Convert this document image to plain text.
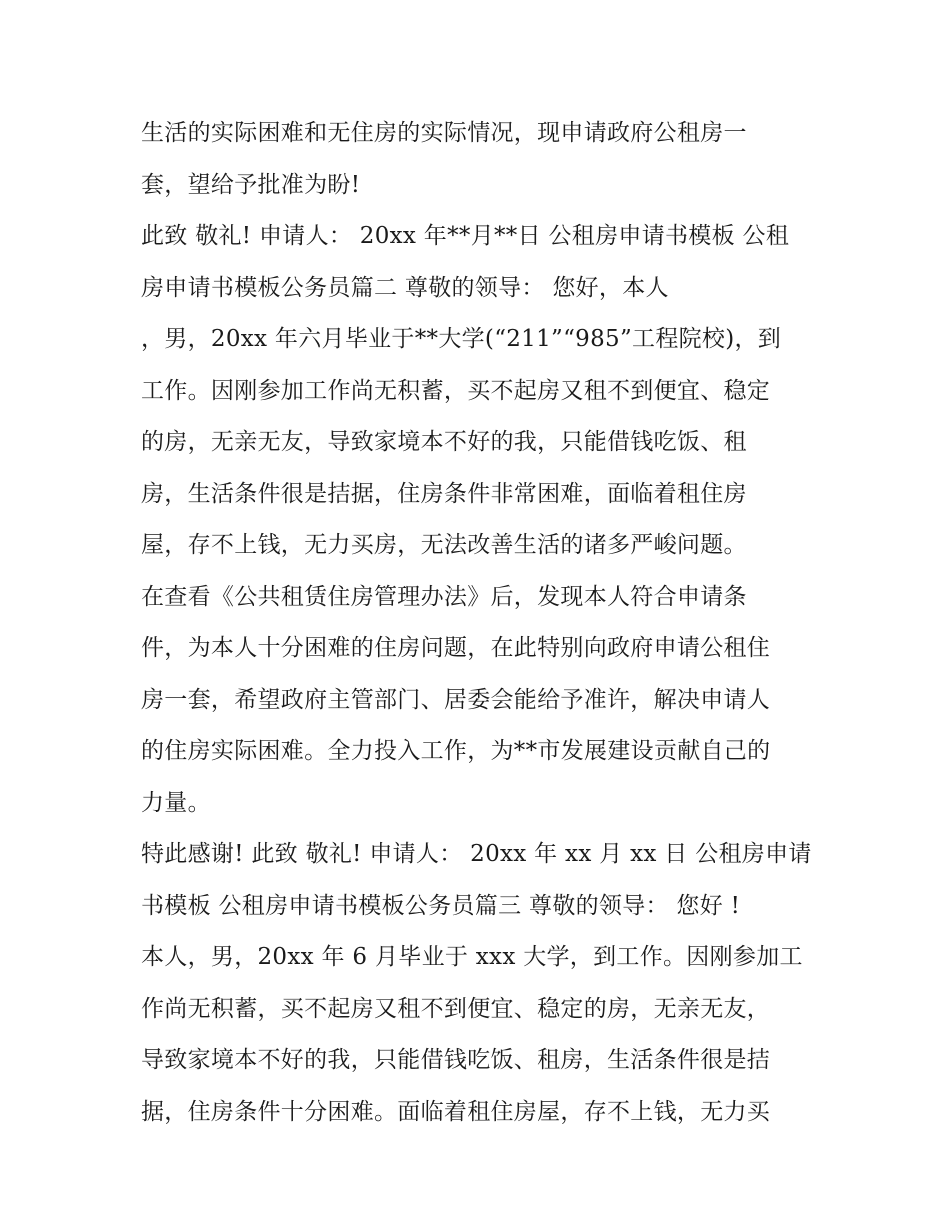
生活的实际困难和无住房的实际情况，现申请政府公租房一
套，望给予批准为盼!
此致 敬礼! 申请人： 20xx 年**月**日 公租房申请书模板 公租
房申请书模板公务员篇二 尊敬的领导： 您好，本人
，男，20xx 年六月毕业于**大学(“211”“985”工程院校)，到
工作。因刚参加工作尚无积蓄，买不起房又租不到便宜、稳定
的房，无亲无友，导致家境本不好的我，只能借钱吃饭、租
房，生活条件很是拮据，住房条件非常困难，面临着租住房
屋，存不上钱，无力买房，无法改善生活的诸多严峻问题。
在查看《公共租赁住房管理办法》后，发现本人符合申请条
件，为本人十分困难的住房问题，在此特别向政府申请公租住
房一套，希望政府主管部门、居委会能给予准许，解决申请人
的住房实际困难。全力投入工作，为**市发展建设贡献自己的
力量。
特此感谢! 此致 敬礼! 申请人： 20xx 年 xx 月 xx 日 公租房申请
书模板 公租房申请书模板公务员篇三 尊敬的领导： 您好 !
本人，男，20xx 年 6 月毕业于 xxx 大学，到工作。因刚参加工
作尚无积蓄，买不起房又租不到便宜、稳定的房，无亲无友，
导致家境本不好的我，只能借钱吃饭、租房，生活条件很是拮
据，住房条件十分困难。面临着租住房屋，存不上钱，无力买
